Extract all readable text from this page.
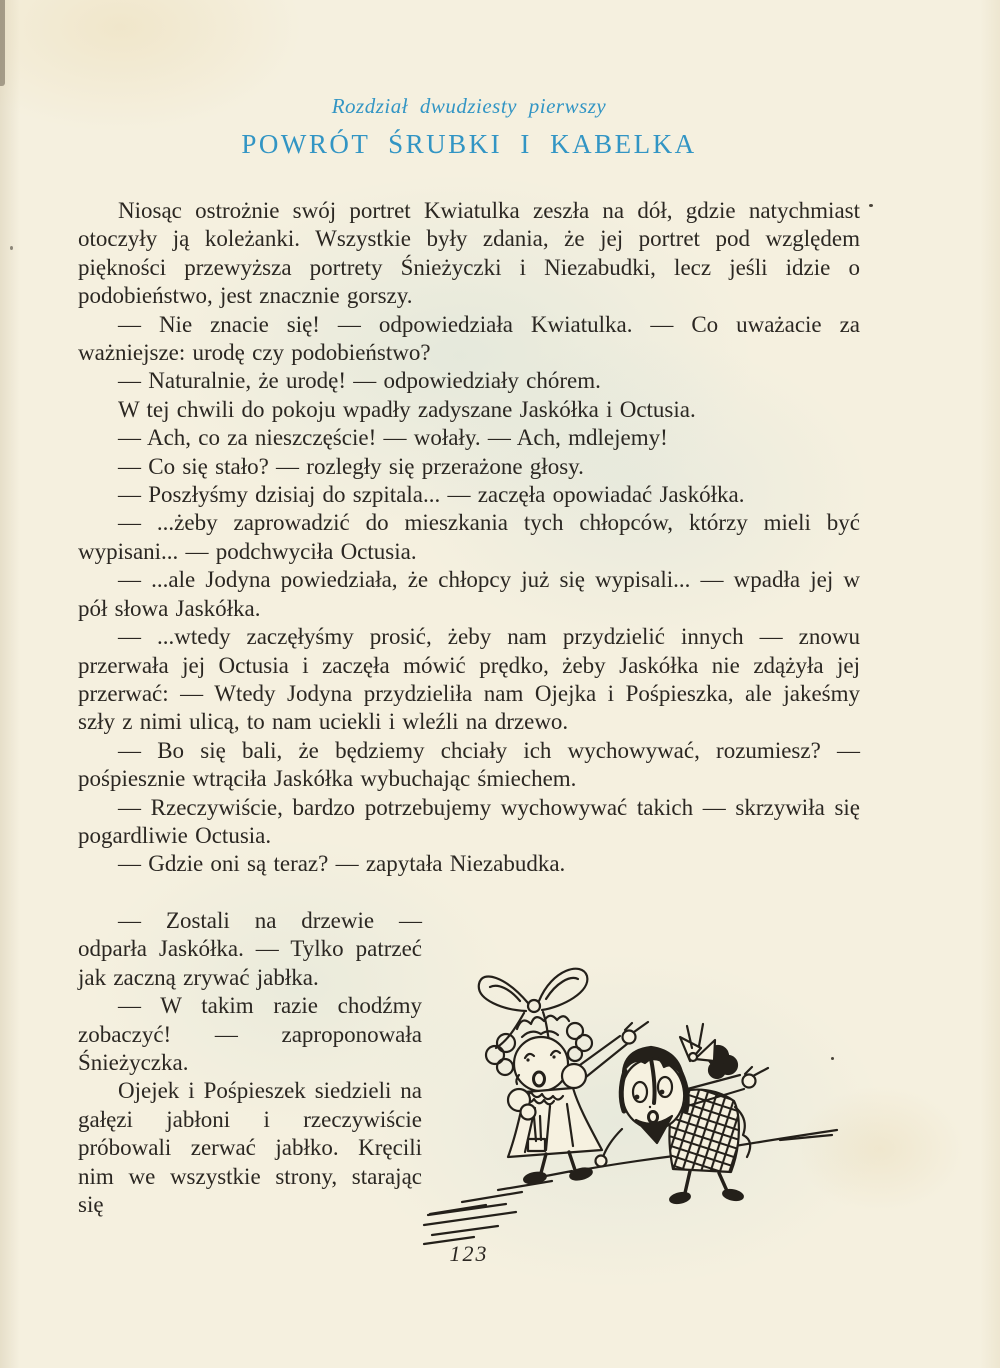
Rozdział dwudziesty pierwszy
POWRÓT ŚRUBKI I KABELKA

Niosąc ostrożnie swój portret Kwiatulka zeszła na dół, gdzie natychmiast otoczyły ją koleżanki. Wszystkie były zdania, że jej portret pod względem piękności przewyższa portrety Śnieżyczki i Niezabudki, lecz jeśli idzie o podobieństwo, jest znacznie gorszy.

— Nie znacie się! — odpowiedziała Kwiatulka. — Co uważacie za ważniejsze: urodę czy podobieństwo?

— Naturalnie, że urodę! — odpowiedziały chórem.

W tej chwili do pokoju wpadły zadyszane Jaskółka i Octusia.

— Ach, co za nieszczęście! — wołały. — Ach, mdlejemy!

— Co się stało? — rozległy się przerażone głosy.

— Poszłyśmy dzisiaj do szpitala... — zaczęła opowiadać Jaskółka.

— ...żeby zaprowadzić do mieszkania tych chłopców, którzy mieli być wypisani... — podchwyciła Octusia.

— ...ale Jodyna powiedziała, że chłopcy już się wypisali... — wpadła jej w pół słowa Jaskółka.

— ...wtedy zaczęłyśmy prosić, żeby nam przydzielić innych — znowu przerwała jej Octusia i zaczęła mówić prędko, żeby Jaskółka nie zdążyła jej przerwać: — Wtedy Jodyna przydzieliła nam Ojejka i Pośpieszka, ale jakeśmy szły z nimi ulicą, to nam uciekli i wleźli na drzewo.

— Bo się bali, że będziemy chciały ich wychowywać, rozumiesz? — pośpiesznie wtrąciła Jaskółka wybuchając śmiechem.

— Rzeczywiście, bardzo potrzebujemy wychowywać takich — skrzywiła się pogardliwie Octusia.

— Gdzie oni są teraz? — zapytała Niezabudka.

— Zostali na drzewie — odparła Jaskółka. — Tylko patrzeć jak zaczną zrywać jabłka.

— W takim razie chodźmy zobaczyć! — zaproponowała Śnieżyczka.

Ojejek i Pośpieszek siedzieli na gałęzi jabłoni i rzeczywiście próbowali zerwać jabłko. Kręcili nim we wszystkie strony, starając się

123
